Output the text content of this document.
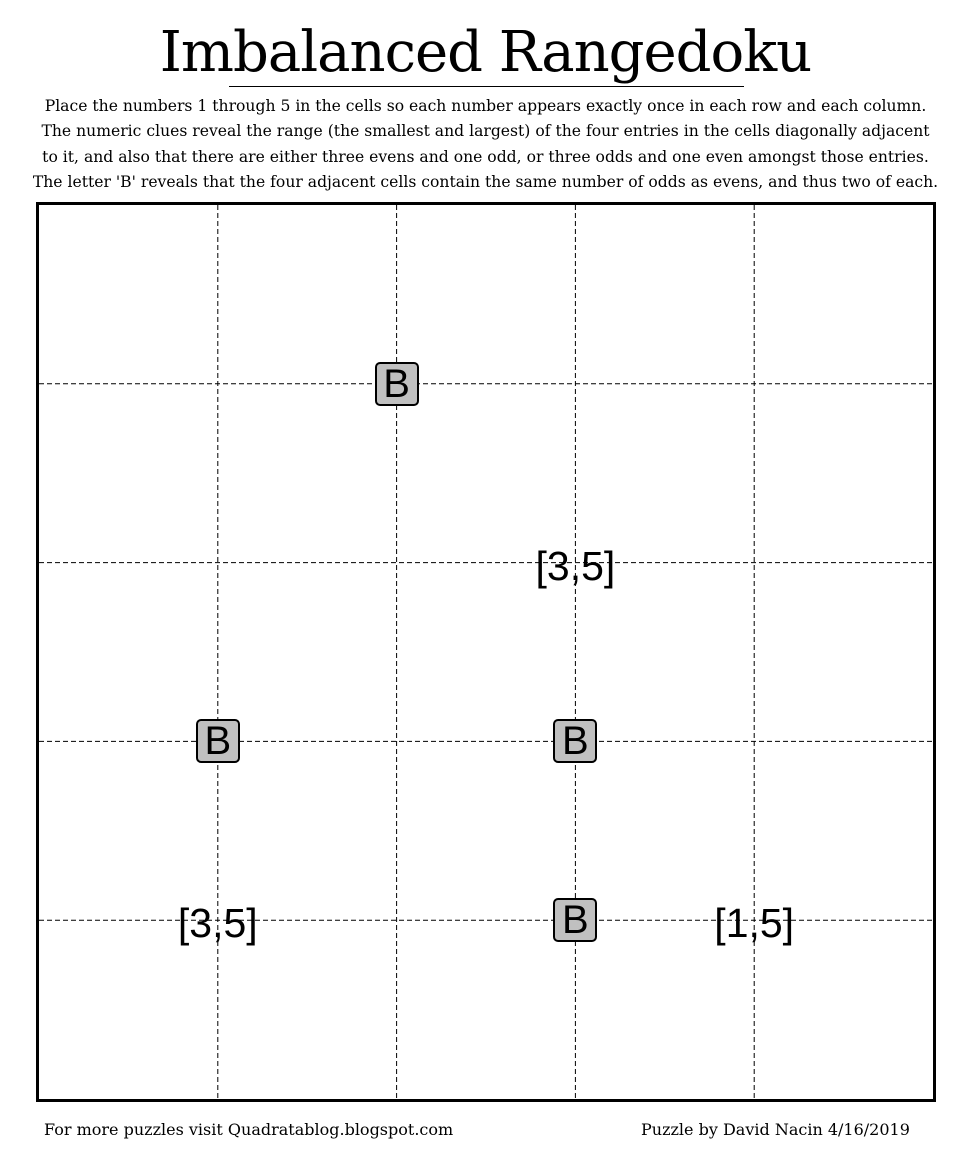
Imbalanced Rangedoku
Place the numbers 1 through 5 in the cells so each number appears exactly once in each row and each column.
The numeric clues reveal the range (the smallest and largest) of the four entries in the cells diagonally adjacent
to it, and also that there are either three evens and one odd, or three odds and one even amongst those entries.
The letter 'B' reveals that the four adjacent cells contain the same number of odds as evens, and thus two of each.
B
[3,5]
B	B
[3,5]	B	[1,5]
For more puzzles visit Quadratablog.blogspot.com	Puzzle by David Nacin 4/16/2019
